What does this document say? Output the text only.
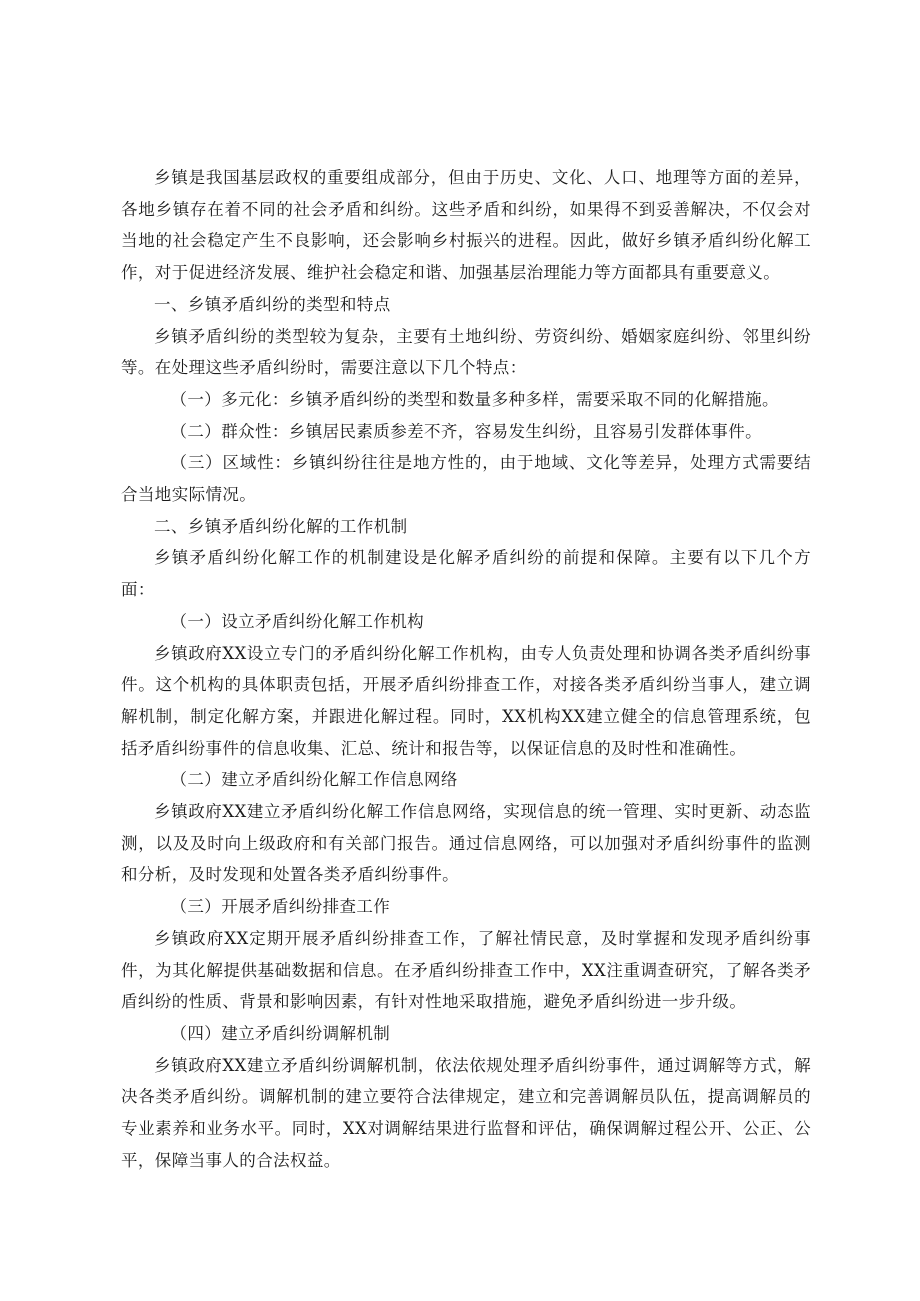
乡镇是我国基层政权的重要组成部分，但由于历史、文化、人口、地理等方面的差异，各地乡镇存在着不同的社会矛盾和纠纷。这些矛盾和纠纷，如果得不到妥善解决，不仅会对当地的社会稳定产生不良影响，还会影响乡村振兴的进程。因此，做好乡镇矛盾纠纷化解工作，对于促进经济发展、维护社会稳定和谐、加强基层治理能力等方面都具有重要意义。

一、乡镇矛盾纠纷的类型和特点

乡镇矛盾纠纷的类型较为复杂，主要有土地纠纷、劳资纠纷、婚姻家庭纠纷、邻里纠纷等。在处理这些矛盾纠纷时，需要注意以下几个特点：

（一）多元化：乡镇矛盾纠纷的类型和数量多种多样，需要采取不同的化解措施。

（二）群众性：乡镇居民素质参差不齐，容易发生纠纷，且容易引发群体事件。

（三）区域性：乡镇纠纷往往是地方性的，由于地域、文化等差异，处理方式需要结合当地实际情况。

二、乡镇矛盾纠纷化解的工作机制

乡镇矛盾纠纷化解工作的机制建设是化解矛盾纠纷的前提和保障。主要有以下几个方面：

（一）设立矛盾纠纷化解工作机构

乡镇政府XX设立专门的矛盾纠纷化解工作机构，由专人负责处理和协调各类矛盾纠纷事件。这个机构的具体职责包括，开展矛盾纠纷排查工作，对接各类矛盾纠纷当事人，建立调解机制，制定化解方案，并跟进化解过程。同时，XX机构XX建立健全的信息管理系统，包括矛盾纠纷事件的信息收集、汇总、统计和报告等，以保证信息的及时性和准确性。

（二）建立矛盾纠纷化解工作信息网络

乡镇政府XX建立矛盾纠纷化解工作信息网络，实现信息的统一管理、实时更新、动态监测，以及及时向上级政府和有关部门报告。通过信息网络，可以加强对矛盾纠纷事件的监测和分析，及时发现和处置各类矛盾纠纷事件。

（三）开展矛盾纠纷排查工作

乡镇政府XX定期开展矛盾纠纷排查工作，了解社情民意，及时掌握和发现矛盾纠纷事件，为其化解提供基础数据和信息。在矛盾纠纷排查工作中，XX注重调查研究，了解各类矛盾纠纷的性质、背景和影响因素，有针对性地采取措施，避免矛盾纠纷进一步升级。

（四）建立矛盾纠纷调解机制

乡镇政府XX建立矛盾纠纷调解机制，依法依规处理矛盾纠纷事件，通过调解等方式，解决各类矛盾纠纷。调解机制的建立要符合法律规定，建立和完善调解员队伍，提高调解员的专业素养和业务水平。同时，XX对调解结果进行监督和评估，确保调解过程公开、公正、公平，保障当事人的合法权益。
